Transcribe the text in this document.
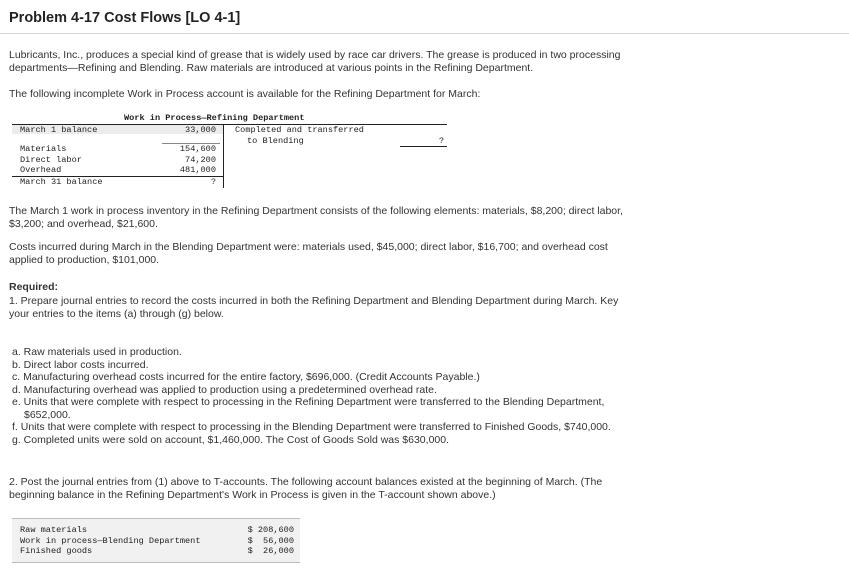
Problem 4-17 Cost Flows [LO 4-1]
Lubricants, Inc., produces a special kind of grease that is widely used by race car drivers. The grease is produced in two processing
departments—Refining and Blending. Raw materials are introduced at various points in the Refining Department.
The following incomplete Work in Process account is available for the Refining Department for March:
Work in Process—Refining Department
March 1 balance	33,000
Materials	154,600
Direct labor	74,200
Overhead	481,000
March 31 balance	?
Completed and transferred
to Blending	?
The March 1 work in process inventory in the Refining Department consists of the following elements: materials, $8,200; direct labor,
$3,200; and overhead, $21,600.
Costs incurred during March in the Blending Department were: materials used, $45,000; direct labor, $16,700; and overhead cost
applied to production, $101,000.
Required:
1. Prepare journal entries to record the costs incurred in both the Refining Department and Blending Department during March. Key
your entries to the items (a) through (g) below.
a. Raw materials used in production.
b. Direct labor costs incurred.
c. Manufacturing overhead costs incurred for the entire factory, $696,000. (Credit Accounts Payable.)
d. Manufacturing overhead was applied to production using a predetermined overhead rate.
e. Units that were complete with respect to processing in the Refining Department were transferred to the Blending Department,
$652,000.
f. Units that were complete with respect to processing in the Blending Department were transferred to Finished Goods, $740,000.
g. Completed units were sold on account, $1,460,000. The Cost of Goods Sold was $630,000.
2. Post the journal entries from (1) above to T-accounts. The following account balances existed at the beginning of March. (The
beginning balance in the Refining Department's Work in Process is given in the T-account shown above.)
Raw materials	$ 208,600
Work in process—Blending Department	$  56,000
Finished goods	$  26,000
